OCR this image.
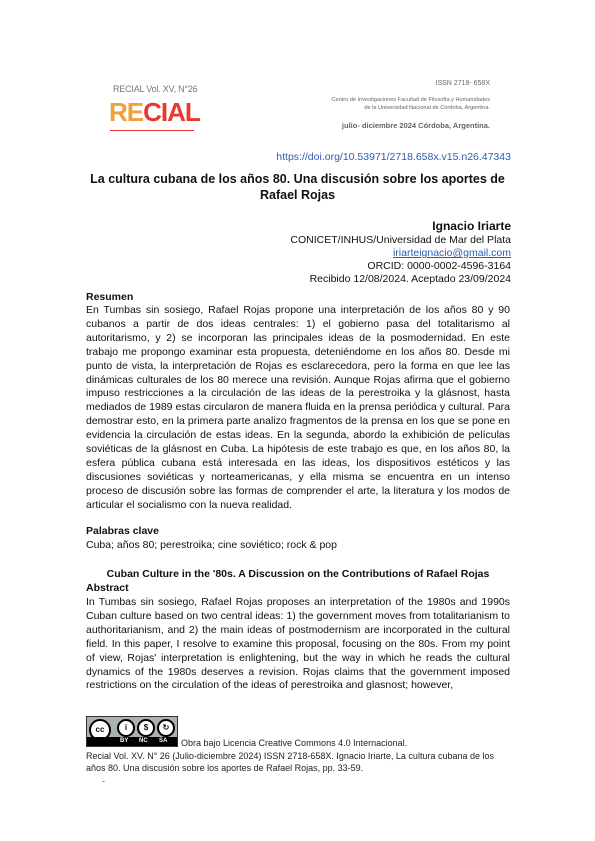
RECIAL Vol. XV, N°26
RECIAL
ISSN 2718- 658X
Centro de Investigaciones Facultad de Filosofía y Humanidades
de la Universidad Nacional de Córdoba, Argentina.
julio- diciembre 2024 Córdoba, Argentina.
https://doi.org/10.53971/2718.658x.v15.n26.47343
La cultura cubana de los años 80. Una discusión sobre los aportes de Rafael Rojas
Ignacio Iriarte
CONICET/INHUS/Universidad de Mar del Plata
iriarteignacio@gmail.com
ORCID: 0000-0002-4596-3164
Recibido 12/08/2024. Aceptado 23/09/2024
Resumen
En Tumbas sin sosiego, Rafael Rojas propone una interpretación de los años 80 y 90 cubanos a partir de dos ideas centrales: 1) el gobierno pasa del totalitarismo al autoritarismo, y 2) se incorporan las principales ideas de la posmodernidad. En este trabajo me propongo examinar esta propuesta, deteniéndome en los años 80. Desde mi punto de vista, la interpretación de Rojas es esclarecedora, pero la forma en que lee las dinámicas culturales de los 80 merece una revisión. Aunque Rojas afirma que el gobierno impuso restricciones a la circulación de las ideas de la perestroika y la glásnost, hasta mediados de 1989 estas circularon de manera fluida en la prensa periódica y cultural. Para demostrar esto, en la primera parte analizo fragmentos de la prensa en los que se pone en evidencia la circulación de estas ideas. En la segunda, abordo la exhibición de películas soviéticas de la glásnost en Cuba. La hipótesis de este trabajo es que, en los años 80, la esfera pública cubana está interesada en las ideas, los dispositivos estéticos y las discusiones soviéticas y norteamericanas, y ella misma se encuentra en un intenso proceso de discusión sobre las formas de comprender el arte, la literatura y los modos de articular el socialismo con la nueva realidad.
Palabras clave
Cuba; años 80; perestroika; cine soviético; rock & pop
Cuban Culture in the '80s. A Discussion on the Contributions of Rafael Rojas
Abstract
In Tumbas sin sosiego, Rafael Rojas proposes an interpretation of the 1980s and 1990s Cuban culture based on two central ideas: 1) the government moves from totalitarianism to authoritarianism, and 2) the main ideas of postmodernism are incorporated in the cultural field. In this paper, I resolve to examine this proposal, focusing on the 80s. From my point of view, Rojas' interpretation is enlightening, but the way in which he reads the cultural dynamics of the 1980s deserves a revision. Rojas claims that the government imposed restrictions on the circulation of the ideas of perestroika and glasnost; however,
cc	i	$	↻
BY NC SA Obra bajo Licencia Creative Commons 4.0 Internacional.
Recial Vol. XV. N° 26 (Julio-diciembre 2024) ISSN 2718-658X. Ignacio Iriarte, La cultura cubana de los años 80. Una discusión sobre los aportes de Rafael Rojas, pp. 33-59.
-
